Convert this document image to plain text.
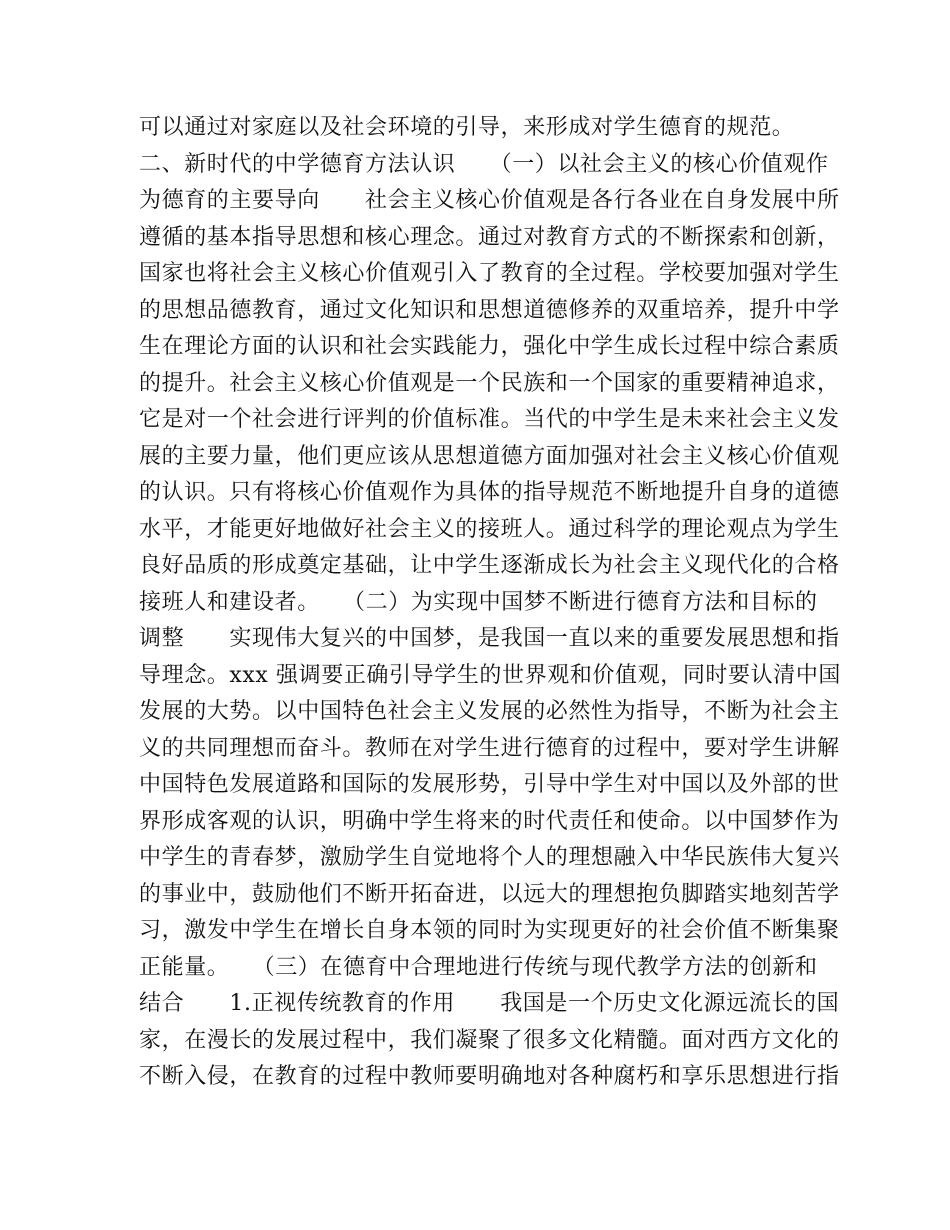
可以通过对家庭以及社会环境的引导，来形成对学生德育的规范。
二、新时代的中学德育方法认识　　（一）以社会主义的核心价值观作
为德育的主要导向　　社会主义核心价值观是各行各业在自身发展中所
遵循的基本指导思想和核心理念。通过对教育方式的不断探索和创新，
国家也将社会主义核心价值观引入了教育的全过程。学校要加强对学生
的思想品德教育，通过文化知识和思想道德修养的双重培养，提升中学
生在理论方面的认识和社会实践能力，强化中学生成长过程中综合素质
的提升。社会主义核心价值观是一个民族和一个国家的重要精神追求，
它是对一个社会进行评判的价值标准。当代的中学生是未来社会主义发
展的主要力量，他们更应该从思想道德方面加强对社会主义核心价值观
的认识。只有将核心价值观作为具体的指导规范不断地提升自身的道德
水平，才能更好地做好社会主义的接班人。通过科学的理论观点为学生
良好品质的形成奠定基础，让中学生逐渐成长为社会主义现代化的合格
接班人和建设者。　　（二）为实现中国梦不断进行德育方法和目标的
调整　　实现伟大复兴的中国梦，是我国一直以来的重要发展思想和指
导理念。xxx 强调要正确引导学生的世界观和价值观，同时要认清中国
发展的大势。以中国特色社会主义发展的必然性为指导，不断为社会主
义的共同理想而奋斗。教师在对学生进行德育的过程中，要对学生讲解
中国特色发展道路和国际的发展形势，引导中学生对中国以及外部的世
界形成客观的认识，明确中学生将来的时代责任和使命。以中国梦作为
中学生的青春梦，激励学生自觉地将个人的理想融入中华民族伟大复兴
的事业中，鼓励他们不断开拓奋进，以远大的理想抱负脚踏实地刻苦学
习，激发中学生在增长自身本领的同时为实现更好的社会价值不断集聚
正能量。　　（三）在德育中合理地进行传统与现代教学方法的创新和
结合　　1.正视传统教育的作用　　我国是一个历史文化源远流长的国
家，在漫长的发展过程中，我们凝聚了很多文化精髓。面对西方文化的
不断入侵，在教育的过程中教师要明确地对各种腐朽和享乐思想进行指
